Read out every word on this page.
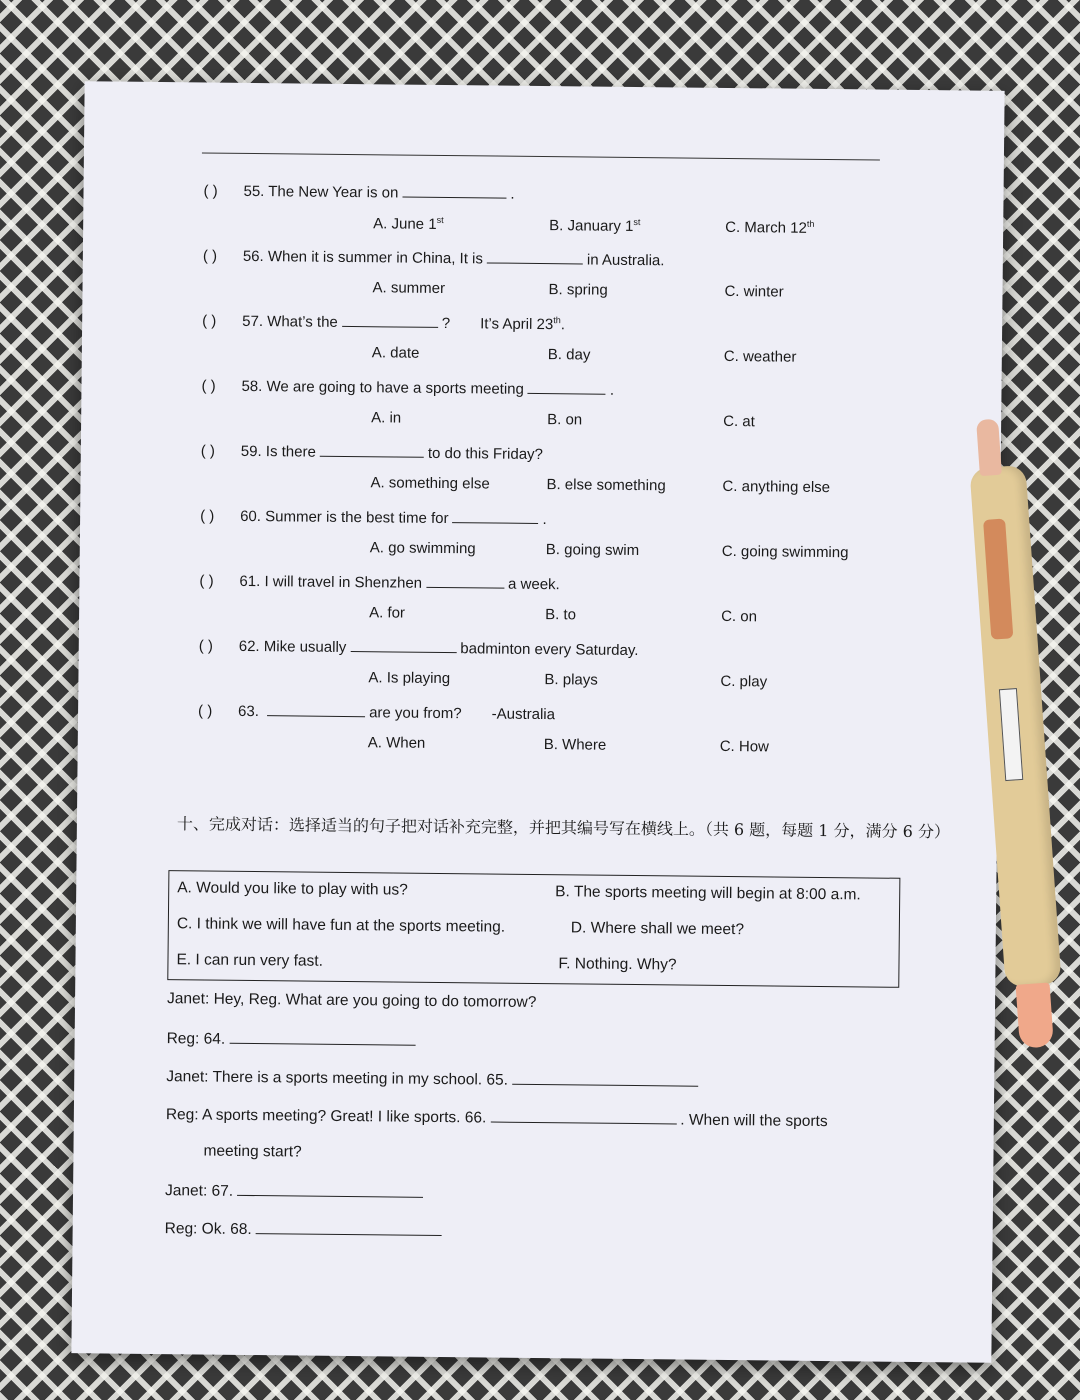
( ) 55. The New Year is on	.
A. June 1st	B. January 1st	C. March 12th
( ) 56. When it is summer in China, It is	in Australia.
A. summer	B. spring	C. winter
( ) 57. What’s the	? It’s April 23th.
A. date	B. day	C. weather
( ) 58. We are going to have a sports meeting	.
A. in	B. on	C. at
( ) 59. Is there	to do this Friday?
A. something else	B. else something	C. anything else
( ) 60. Summer is the best time for	.
A. go swimming	B. going swim	C. going swimming
( ) 61. I will travel in Shenzhen	a week.
A. for	B. to	C. on
( ) 62. Mike usually	badminton every Saturday.
A. Is playing	B. plays	C. play
( ) 63.	are you from? -Australia
A. When	B. Where	C. How
十、完成对话：选择适当的句子把对话补充完整，并把其编号写在横线上。（共 6 题，每题 1 分，满分 6 分）
A. Would you like to play with us?	B. The sports meeting will begin at 8:00 a.m.
C. I think we will have fun at the sports meeting.	D. Where shall we meet?
E. I can run very fast.	F. Nothing. Why?
Janet: Hey, Reg. What are you going to do tomorrow?
Reg: 64.
Janet: There is a sports meeting in my school. 65.
Reg: A sports meeting? Great! I like sports. 66.	. When will the sports
meeting start?
Janet: 67.
Reg: Ok. 68.
